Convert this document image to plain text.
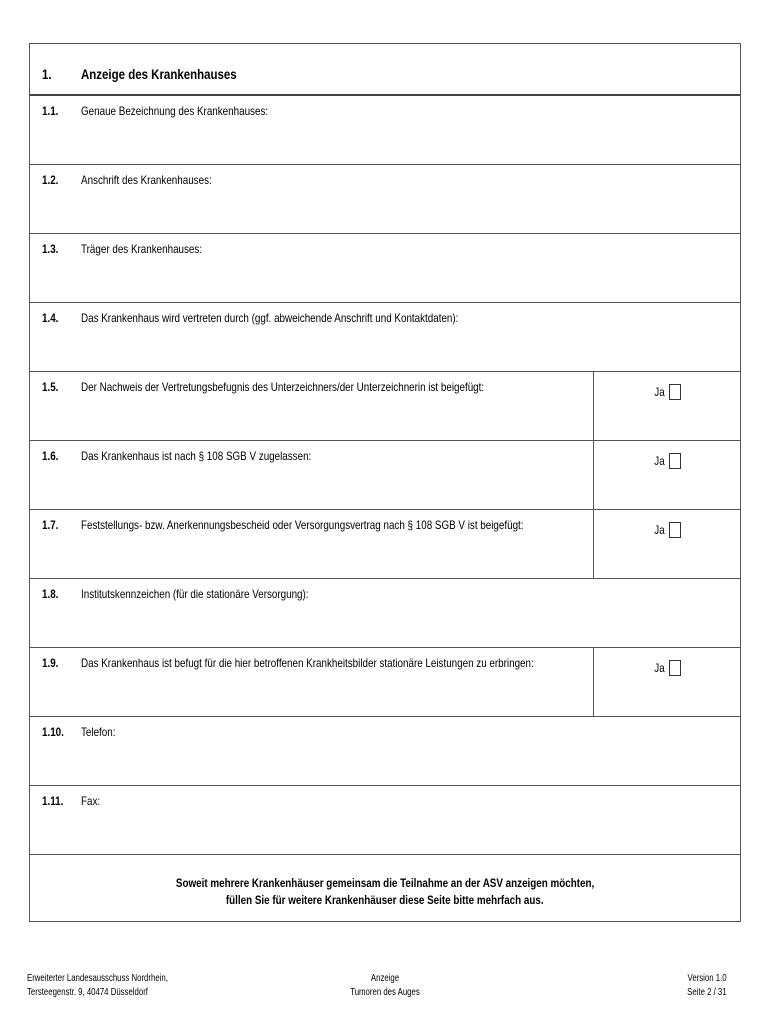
1. Anzeige des Krankenhauses
1.1. Genaue Bezeichnung des Krankenhauses:
1.2. Anschrift des Krankenhauses:
1.3. Träger des Krankenhauses:
1.4. Das Krankenhaus wird vertreten durch (ggf. abweichende Anschrift und Kontaktdaten):
1.5. Der Nachweis der Vertretungsbefugnis des Unterzeichners/der Unterzeichnerin ist beigefügt:	Ja
1.6. Das Krankenhaus ist nach § 108 SGB V zugelassen:	Ja
1.7. Feststellungs- bzw. Anerkennungsbescheid oder Versorgungsvertrag nach § 108 SGB V ist beigefügt:	Ja
1.8. Institutskennzeichen (für die stationäre Versorgung):
1.9. Das Krankenhaus ist befugt für die hier betroffenen Krankheitsbilder stationäre Leistungen zu erbringen:	Ja
1.10. Telefon:
1.11. Fax:
Soweit mehrere Krankenhäuser gemeinsam die Teilnahme an der ASV anzeigen möchten,
füllen Sie für weitere Krankenhäuser diese Seite bitte mehrfach aus.
Erweiterter Landesausschuss Nordrhein,
Tersteegenstr. 9, 40474 Düsseldorf
Anzeige
Tumoren des Auges
Version 1.0
Seite 2 / 31
